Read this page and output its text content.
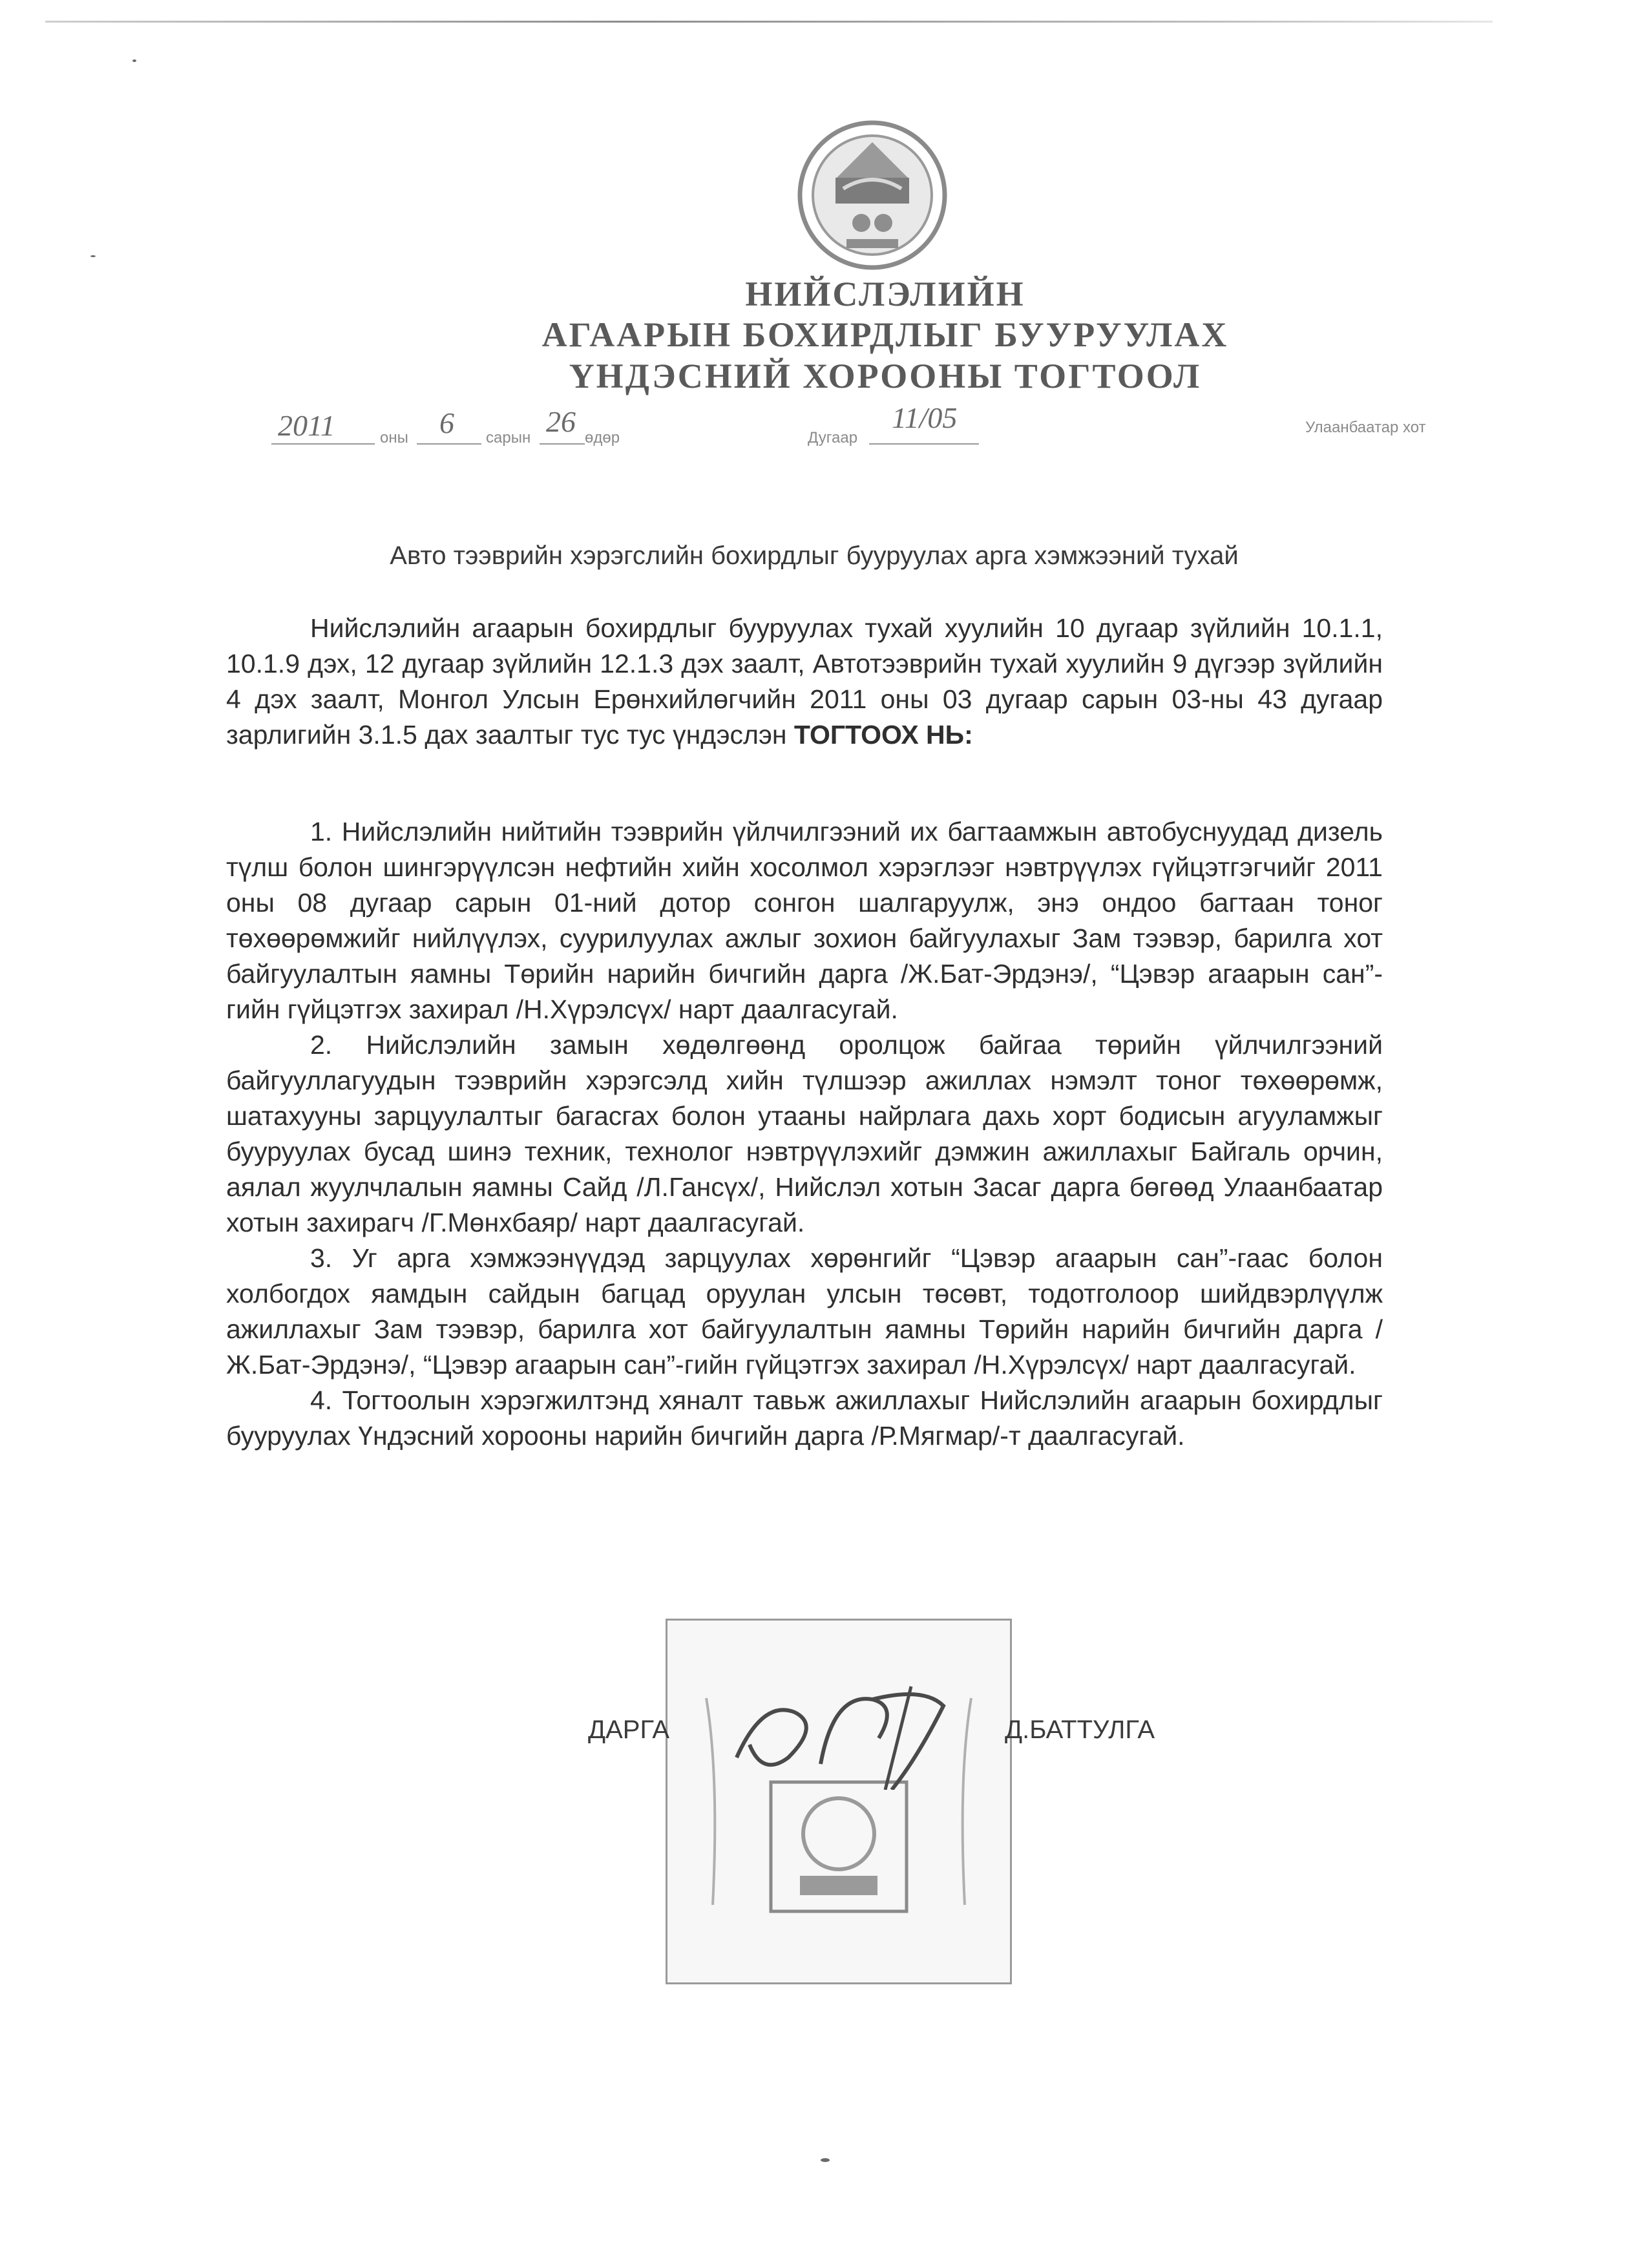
НИЙСЛЭЛИЙН
АГААРЫН БОХИРДЛЫГ БУУРУУЛАХ
ҮНДЭСНИЙ ХОРООНЫ ТОГТООЛ
2011	оны 6 сарын 26 өдөр	Дугаар
11/05	Улаанбаатар хот
Авто тээврийн хэрэгслийн бохирдлыг бууруулах арга хэмжээний тухай

Нийслэлийн агаарын бохирдлыг бууруулах тухай хуулийн 10 дугаар зүйлийн 10.1.1, 10.1.9 дэх, 12 дугаар зүйлийн 12.1.3 дэх заалт, Автотээврийн тухай хуулийн 9 дүгээр зүйлийн 4 дэх заалт, Монгол Улсын Ерөнхийлөгчийн 2011 оны 03 дугаар сарын 03-ны 43 дугаар зарлигийн 3.1.5 дах заалтыг тус тус үндэслэн ТОГТООХ НЬ:

1. Нийслэлийн нийтийн тээврийн үйлчилгээний их багтаамжын автобуснуудад дизель түлш болон шингэрүүлсэн нефтийн хийн хосолмол хэрэглээг нэвтрүүлэх гүйцэтгэгчийг 2011 оны 08 дугаар сарын 01-ний дотор сонгон шалгаруулж, энэ ондоо багтаан тоног төхөөрөмжийг нийлүүлэх, суурилуулах ажлыг зохион байгуулахыг Зам тээвэр, барилга хот байгуулалтын яамны Төрийн нарийн бичгийн дарга /Ж.Бат-Эрдэнэ/, “Цэвэр агаарын сан”-гийн гүйцэтгэх захирал /Н.Хүрэлсүх/ нарт даалгасугай.

2. Нийслэлийн замын хөдөлгөөнд оролцож байгаа төрийн үйлчилгээний байгууллагуудын тээврийн хэрэгсэлд хийн түлшээр ажиллах нэмэлт тоног төхөөрөмж, шатахууны зарцуулалтыг багасгах болон утааны найрлага дахь хорт бодисын агууламжыг бууруулах бусад шинэ техник, технолог нэвтрүүлэхийг дэмжин ажиллахыг Байгаль орчин, аялал жуулчлалын яамны Сайд /Л.Гансүх/, Нийслэл хотын Засаг дарга бөгөөд Улаанбаатар хотын захирагч /Г.Мөнхбаяр/ нарт даалгасугай.

3. Уг арга хэмжээнүүдэд зарцуулах хөрөнгийг “Цэвэр агаарын сан”-гаас болон холбогдох яамдын сайдын багцад оруулан улсын төсөвт, тодотголоор шийдвэрлүүлж ажиллахыг Зам тээвэр, барилга хот байгуулалтын яамны Төрийн нарийн бичгийн дарга /Ж.Бат-Эрдэнэ/, “Цэвэр агаарын сан”-гийн гүйцэтгэх захирал /Н.Хүрэлсүх/ нарт даалгасугай.

4. Тогтоолын хэрэгжилтэнд хяналт тавьж ажиллахыг Нийслэлийн агаарын бохирдлыг бууруулах Үндэсний хорооны нарийн бичгийн дарга /Р.Мягмар/-т даалгасугай.

ДАРГА	Д.БАТТУЛГА
